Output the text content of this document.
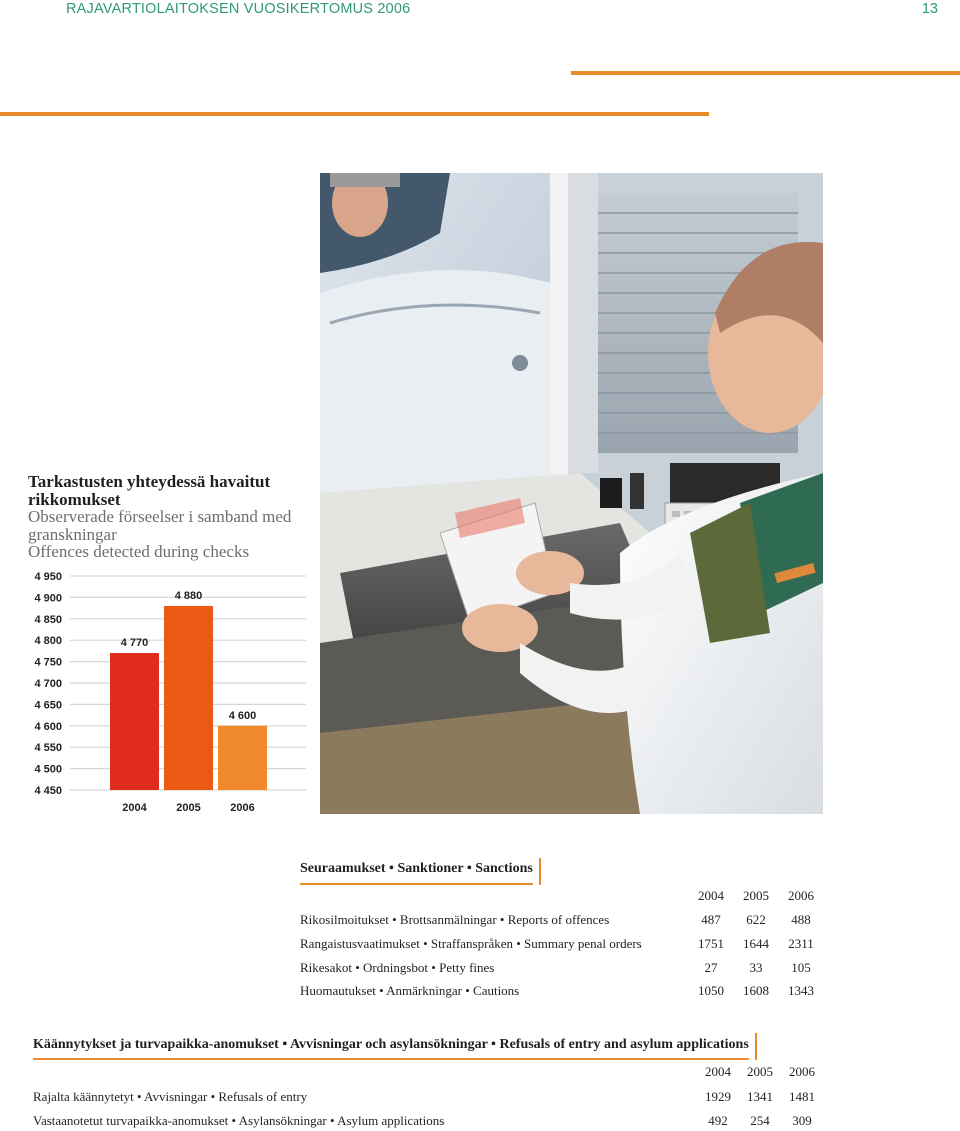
RAJAVARTIOLAITOKSEN VUOSIKERTOMUS 2006	13
Tarkastusten yhteydessä havaitut rikkomukset
Observerade förseelser i samband med granskningar
Offences detected during checks
4 950
4 900
4 850
4 800
4 750
4 700
4 650
4 600
4 550
4 500
4 450
4 770
2004
4 880
2005
4 600
2006
Seuraamukset • Sanktioner • Sanctions
2004	2005	2006
Rikosilmoitukset • Brottsanmälningar • Reports of offences	487	622	488
Rangaistusvaatimukset • Straffanspråken • Summary penal orders	1751	1644	2311
Rikesakot • Ordningsbot • Petty fines	27	33	105
Huomautukset • Anmärkningar • Cautions	1050	1608	1343
Käännytykset ja turvapaikka-anomukset • Avvisningar och asylansökningar • Refusals of entry and asylum applications
2004	2005	2006
Rajalta käännytetyt • Avvisningar • Refusals of entry	1929	1341	1481
Vastaanotetut turvapaikka-anomukset • Asylansökningar • Asylum applications	492	254	309
